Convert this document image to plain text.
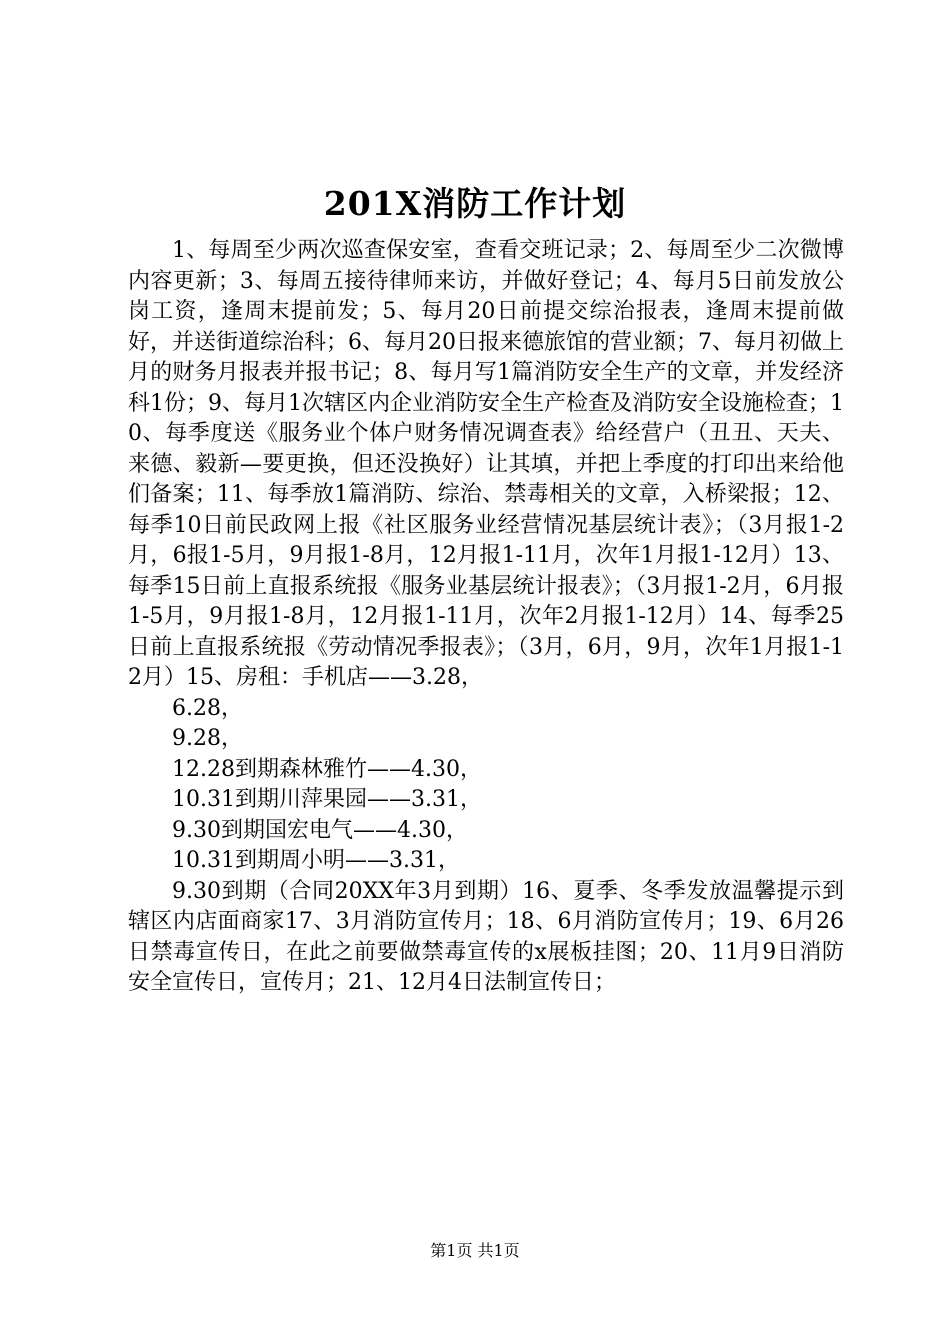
201X消防工作计划

1、每周至少两次巡查保安室，查看交班记录；2、每周至少二次微博内容更新；3、每周五接待律师来访，并做好登记；4、每月5日前发放公岗工资，逢周末提前发；5、每月20日前提交综治报表，逢周末提前做好，并送街道综治科；6、每月20日报来德旅馆的营业额；7、每月初做上月的财务月报表并报书记；8、每月写1篇消防安全生产的文章，并发经济科1份；9、每月1次辖区内企业消防安全生产检查及消防安全设施检查；10、每季度送《服务业个体户财务情况调查表》给经营户（丑丑、天夫、来德、毅新—要更换，但还没换好）让其填，并把上季度的打印出来给他们备案；11、每季放1篇消防、综治、禁毒相关的文章，入桥梁报；12、每季10日前民政网上报《社区服务业经营情况基层统计表》；（3月报1-2月，6报1-5月，9月报1-8月，12月报1-11月，次年1月报1-12月）13、每季15日前上直报系统报《服务业基层统计报表》；（3月报1-2月，6月报1-5月，9月报1-8月，12月报1-11月，次年2月报1-12月）14、每季25日前上直报系统报《劳动情况季报表》；（3月，6月，9月，次年1月报1-12月）15、房租：手机店——3.28，

6.28，

9.28，

12.28到期森林雅竹——4.30，

10.31到期川萍果园——3.31，

9.30到期国宏电气——4.30，

10.31到期周小明——3.31，

9.30到期（合同20XX年3月到期）16、夏季、冬季发放温馨提示到辖区内店面商家17、3月消防宣传月；18、6月消防宣传月；19、6月26日禁毒宣传日，在此之前要做禁毒宣传的x展板挂图；20、11月9日消防安全宣传日，宣传月；21、12月4日法制宣传日；

第1页 共1页
